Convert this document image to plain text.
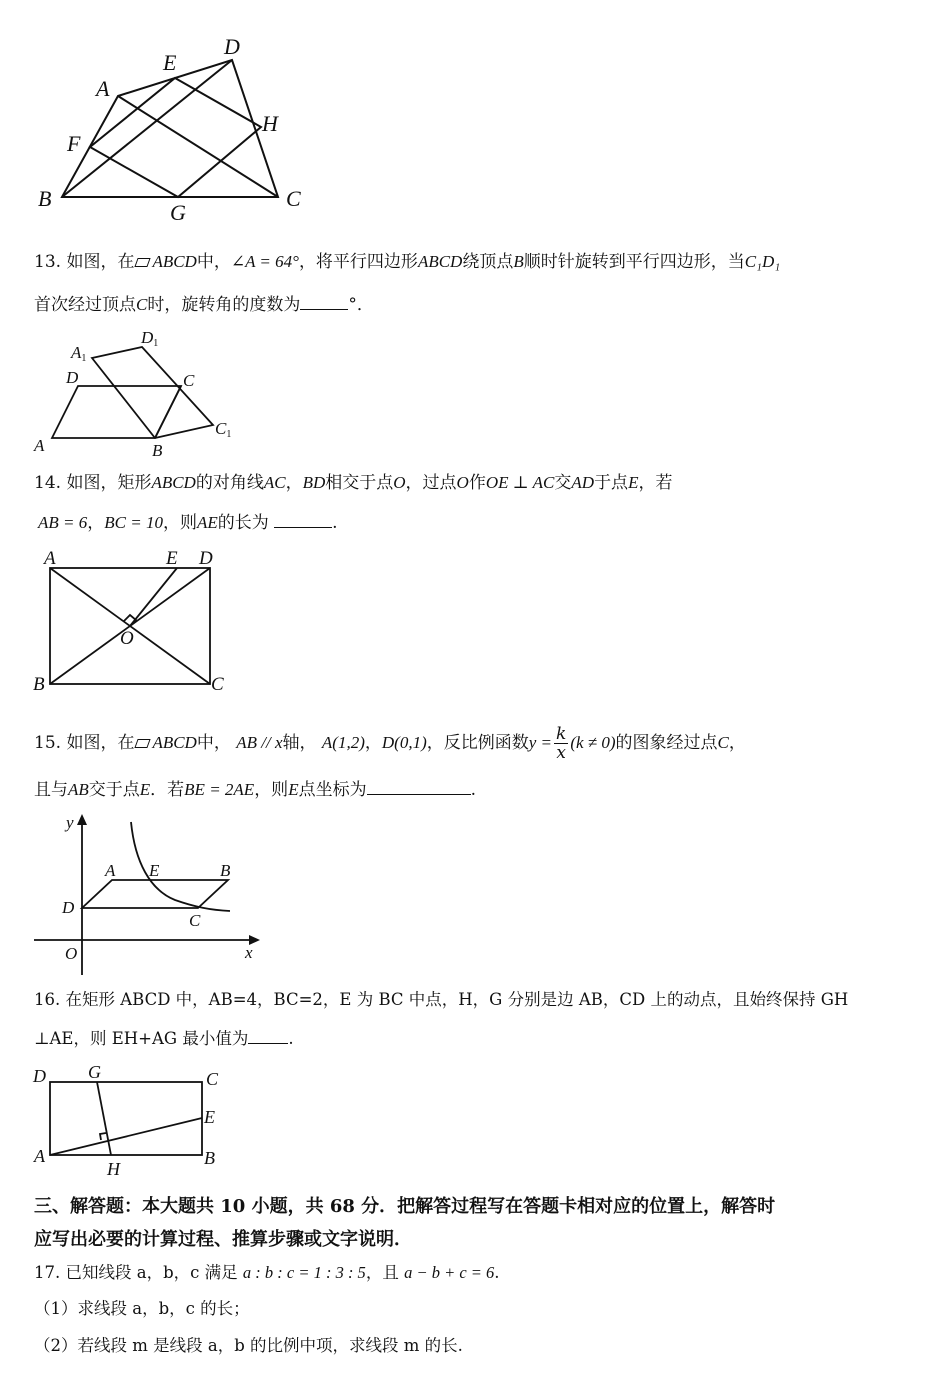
A
E
D
F
H
B
G
C
13. 如图，在 ABCD中，∠A = 64°，将平行四边形ABCD绕顶点B顺时针旋转到平行四边形，当C₁D₁
首次经过顶点C时，旋转角的度数为	°．
A1
D1
D	C
A	B
C1
14. 如图，矩形ABCD的对角线AC，BD相交于点O，过点O作OE ⊥ AC交AD于点E，若
AB = 6，BC = 10，则AE的长为	.
A	E D
O
B	C
15. 如图，在 ABCD中， AB // x轴， A(1,2)，D(0,1)，反比例函数$y = \frac{k}{x} (k \ne 0)$的图象经过点C，
且与AB交于点E．若BE = 2AE，则E点坐标为	.
y
A E	B
D
C
O	x
16. 在矩形 ABCD 中，AB=4，BC=2，E 为 BC 中点，H，G 分别是边 AB，CD 上的动点，且始终保持 GH
⊥AE，则 EH+AG 最小值为 .
D G	C
E
A
H
B
三、解答题：本大题共 10 小题，共 68 分．把解答过程写在答题卡相对应的位置上，解答时
应写出必要的计算过程、推算步骤或文字说明．
17. 已知线段 a，b，c 满足 a : b : c = 1 : 3 : 5，且 a − b + c = 6.
（1）求线段 a，b，c 的长；
（2）若线段 m 是线段 a，b 的比例中项，求线段 m 的长.
